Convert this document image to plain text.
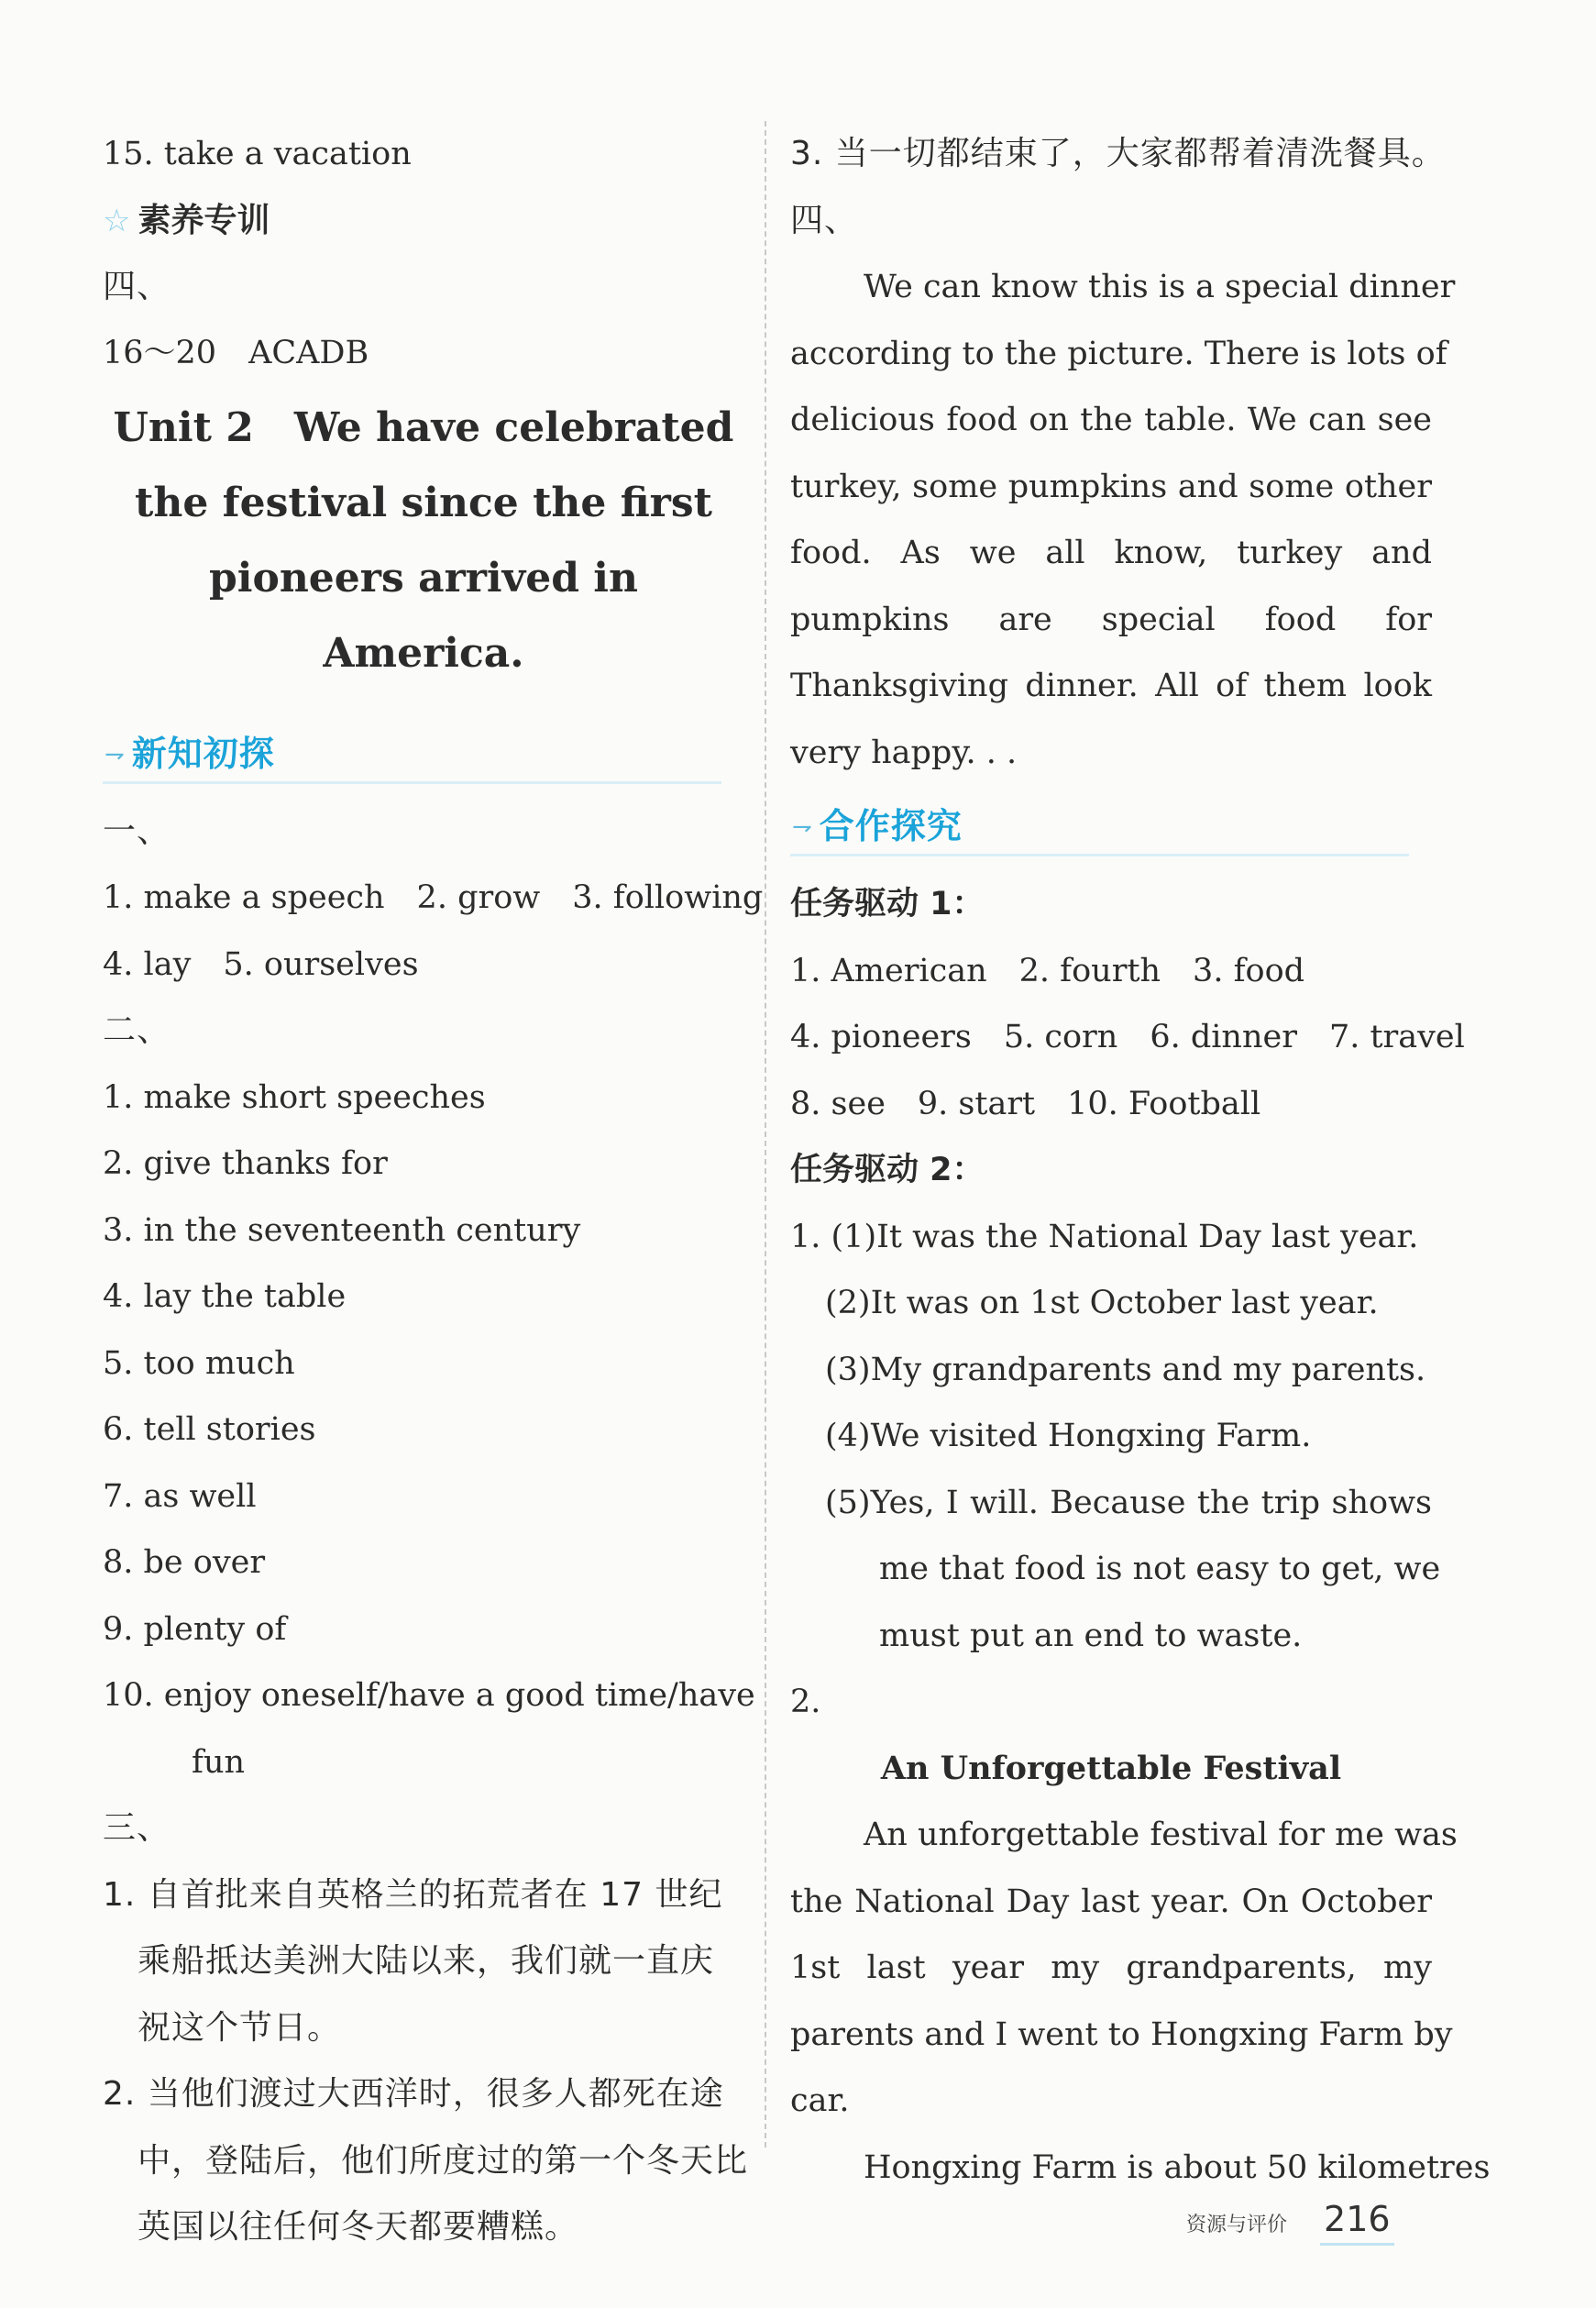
15. take a vacation
☆ 素养专训
四、
16～20　ACADB
Unit 2　We have celebrated
the festival since the first
pioneers arrived in America.
⇁ 新知初探
一、
1. make a speech　2. grow　3. following
4. lay　5. ourselves
二、
1. make short speeches
2. give thanks for
3. in the seventeenth century
4. lay the table
5. too much
6. tell stories
7. as well
8. be over
9. plenty of
10. enjoy oneself/have a good time/have
fun
三、
1. 自首批来自英格兰的拓荒者在 17 世纪
乘船抵达美洲大陆以来，我们就一直庆
祝这个节日。
2. 当他们渡过大西洋时，很多人都死在途
中，登陆后，他们所度过的第一个冬天比
英国以往任何冬天都要糟糕。
3. 当一切都结束了，大家都帮着清洗餐具。
四、
We can know this is a special dinner
according to the picture. There is lots of
delicious food on the table. We can see
turkey, some pumpkins and some other
food. As we all know, turkey and
pumpkins are special food for
Thanksgiving dinner. All of them look
very happy. . .
⇁ 合作探究
任务驱动 1：
1. American　2. fourth　3. food
4. pioneers　5. corn　6. dinner　7. travel
8. see　9. start　10. Football
任务驱动 2：
1. (1)It was the National Day last year.
(2)It was on 1st October last year.
(3)My grandparents and my parents.
(4)We visited Hongxing Farm.
(5)Yes, I will. Because the trip shows
me that food is not easy to get, we
must put an end to waste.
2.
An Unforgettable Festival
An unforgettable festival for me was
the National Day last year. On October
1st last year my grandparents, my
parents and I went to Hongxing Farm by
car.
Hongxing Farm is about 50 kilometres
资源与评价 216
